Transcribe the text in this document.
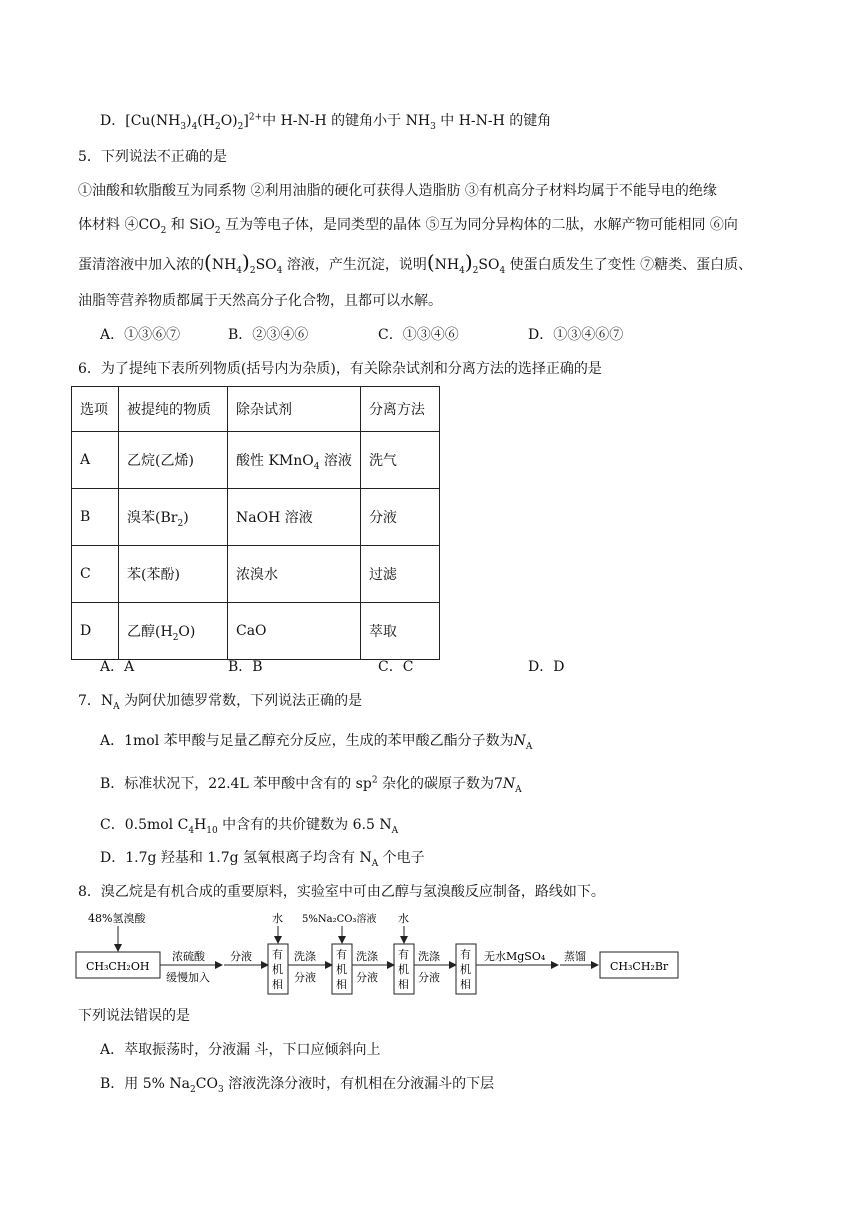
D．$[Cu(NH_3)_4(H_2O)_2]^{2+}$中 H-N-H 的键角小于 $NH_3$ 中 H-N-H 的键角
5．下列说法不正确的是
①油酸和软脂酸互为同系物 ②利用油脂的硬化可获得人造脂肪 ③有机高分子材料均属于不能导电的绝缘
体材料 $④CO_2$ 和 SiO$_2$ 互为等电子体，是同类型的晶体 ⑤互为同分异构体的二肽，水解产物可能相同 ⑥向
蛋清溶液中加入浓的$(NH_4)_2SO_4$ 溶液，产生沉淀，说明$(NH_4)_2SO_4$ 使蛋白质发生了变性 ⑦糖类、蛋白质、
油脂等营养物质都属于天然高分子化合物，且都可以水解。
A．①③⑥⑦	B．②③④⑥	C．①③④⑥	D．①③④⑥⑦
6．为了提纯下表所列物质(括号内为杂质)，有关除杂试剂和分离方法的选择正确的是
选项	被提纯的物质	除杂试剂	分离方法
A	乙烷(乙烯)	酸性 KMnO$_4$ 溶液	洗气
B	溴苯$(Br_2)$	NaOH 溶液	分液
C	苯(苯酚)	浓溴水	过滤
D	乙醇$(H_2O)$	CaO	萃取
A．A	B．B	C．C	D．D
7．$N_A$ 为阿伏加德罗常数，下列说法正确的是
A．1mol 苯甲酸与足量乙醇充分反应，生成的苯甲酸乙酯分子数为$N_A$
B．标准状况下，22.4L 苯甲酸中含有的 $sp^2$ 杂化的碳原子数为$7N_A$
C．0.5mol $C_4H_{10}$ 中含有的共价键数为 6.5 $N_A$
D．1.7g 羟基和 1.7g 氢氧根离子均含有 $N_A$ 个电子
8．溴乙烷是有机合成的重要原料，实验室中可由乙醇与氢溴酸反应制备，路线如下。
48%氢溴酸
CH₃CH₂OH
浓硫酸
缓慢加入
分液 有
机
相
水
洗涤
分液
有
机
相
5%Na₂CO₃溶液
洗涤
分液
有
机
相
水
洗涤
分液
有
机
相
无水MgSO₄ 蒸馏
CH₃CH₂Br
下列说法错误的是
A．萃取振荡时，分液漏 斗，下口应倾斜向上
B．用 5% $Na_2CO_3$ 溶液洗涤分液时，有机相在分液漏斗的下层
